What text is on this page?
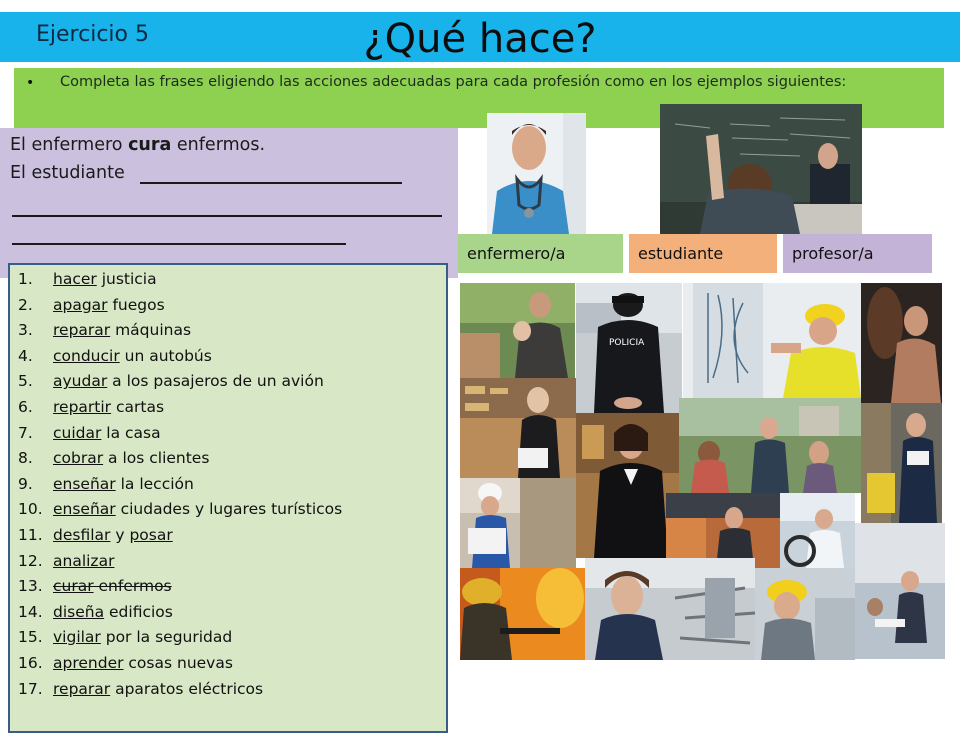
Ejercicio 5	¿Qué hace?
• Completa las frases eligiendo las acciones adecuadas para cada profesión como en los ejemplos siguientes:
El enfermero cura enfermos.
El estudiante
1. hacer justicia
2. apagar fuegos
3. reparar máquinas
4. conducir un autobús
5. ayudar a los pasajeros de un avión
6. repartir cartas
7. cuidar la casa
8. cobrar a los clientes
9. enseñar la lección
10. enseñar ciudades y lugares turísticos
11. desfilar y posar
12. analizar
13. curar enfermos
14. diseña edificios
15. vigilar por la seguridad
16. aprender cosas nuevas
17. reparar aparatos eléctricos
enfermero/a	estudiante	profesor/a
POLICIA
